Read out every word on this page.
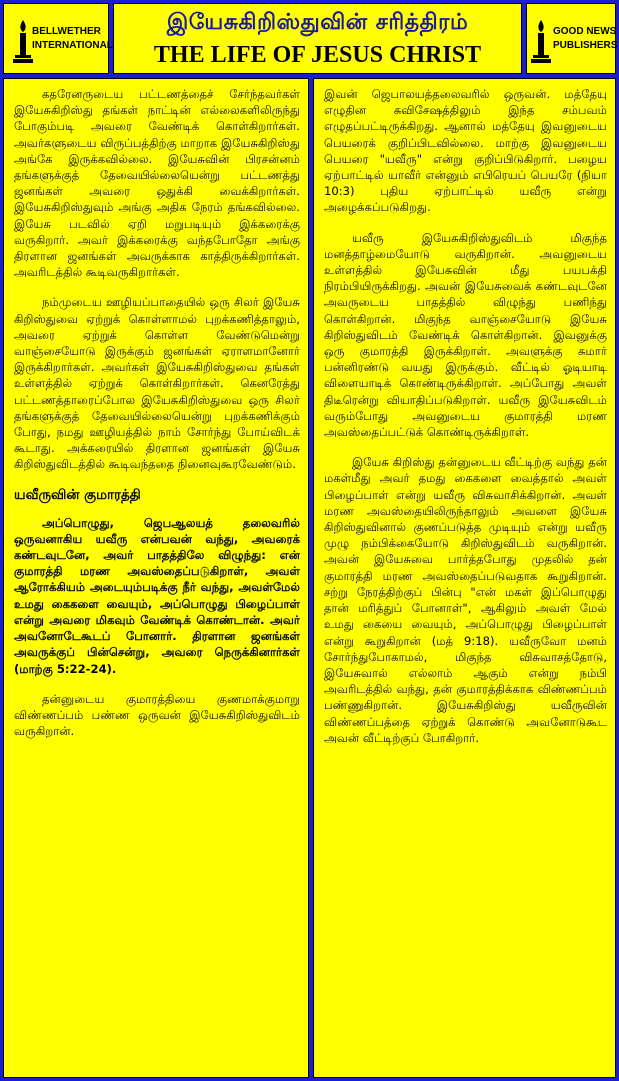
BELLWETHER
INTERNATIONAL
இயேசுகிறிஸ்துவின் சரித்திரம்
THE LIFE OF JESUS CHRIST
GOOD NEWS
PUBLISHERS

கதரேனருடைய பட்டணத்தைச் சேர்ந்தவர்கள் இயேசுகிறிஸ்து தங்கள் நாட்டின் எல்லைகளிலிருந்து போகும்படி அவரை வேண்டிக் கொள்கிறார்கள். அவர்களுடைய விருப்பத்திற்கு மாறாக இயேசுகிறிஸ்து அங்கே இருக்கவில்லை. இயேசுவின் பிரசன்னம் தங்களுக்குத் தேவையில்லையென்று பட்டணத்து ஜனங்கள் அவரை ஒதுக்கி வைக்கிறார்கள். இயேசுகிறிஸ்துவும் அங்கு அதிக நேரம் தங்கவில்லை. இயேசு படவில் ஏறி மறுபடியும் இக்கரைக்கு வருகிறார். அவர் இக்கரைக்கு வந்தபோதோ அங்கு திரளான ஜனங்கள் அவருக்காக காத்திருக்கிறார்கள். அவரிடத்தில் கூடிவருகிறார்கள்.

நம்முடைய ஊழியப்பாதையில் ஒரு சிலர் இயேசு கிறிஸ்துவை ஏற்றுக் கொள்ளாமல் புறக்கணித்தாலும், அவரை ஏற்றுக் கொள்ள வேண்டுமென்று வாஞ்சையோடு இருக்கும் ஜனங்கள் ஏராளமானோர் இருக்கிறார்கள். அவர்கள் இயேசுகிறிஸ்துவை தங்கள் உள்ளத்தில் ஏற்றுக் கொள்கிறார்கள். கெனரேத்து பட்டணத்தாரைப்போல இயேசுகிறிஸ்துவை ஒரு சிலர் தங்களுக்குத் தேவையில்லையென்று புறக்கணிக்கும் போது, நமது ஊழியத்தில் நாம் சோர்ந்து போய்விடக் கூடாது. அக்கரையில் திரளான ஜனங்கள் இயேசு கிறிஸ்துவிடத்தில் கூடிவந்ததை நினைவுகூரவேண்டும்.

யவீருவின் குமாரத்தி

அப்பொழுது, ஜெபஆலயத் தலைவரில் ஒருவனாகிய யவீரு என்பவன் வந்து, அவரைக் கண்டவுடனே, அவர் பாதத்திலே விழுந்து: என் குமாரத்தி மரண அவஸ்தைப்படுகிறாள், அவள் ஆரோக்கியம் அடையும்படிக்கு நீர் வந்து, அவள்மேல் உமது கைகளை வையும், அப்பொழுது பிழைப்பாள் என்று அவரை மிகவும் வேண்டிக் கொண்டான். அவர் அவனோடேகூடப் போனார். திரளான ஜனங்கள் அவருக்குப் பின்சென்று, அவரை நெருக்கினார்கள் (மாற்கு 5:22-24).

தன்னுடைய குமாரத்தியை குணமாக்குமாறு விண்ணப்பம் பண்ண ஒருவன் இயேசுகிறிஸ்துவிடம் வருகிறான்.

இவன் ஜெபாலயத்தலைவரில் ஒருவன். மத்தேயு எழுதின சுவிசேஷத்திலும் இந்த சம்பவம் எழுதப்பட்டிருக்கிறது. ஆனால் மத்தேயு இவனுடைய பெயரைக் குறிப்பிடவில்லை. மாற்கு இவனுடைய பெயரை "யவீரு" என்று குறிப்பிடுகிறார். பழைய ஏற்பாட்டில் யாவீர் என்னும் எபிரெயப் பெயரே (நியா 10:3) புதிய ஏற்பாட்டில் யவீரு என்று அழைக்கப்படுகிறது.

யவீரு இயேசுகிறிஸ்துவிடம் மிகுந்த மனத்தாழ்மையோடு வருகிறான். அவனுடைய உள்ளத்தில் இயேசுவின் மீது பயபக்தி நிரம்பியிருக்கிறது. அவன் இயேசுவைக் கண்டவுடனே அவருடைய பாதத்தில் விழுந்து பணிந்து கொள்கிறான். மிகுந்த வாஞ்சையோடு இயேசு கிறிஸ்துவிடம் வேண்டிக் கொள்கிறான். இவனுக்கு ஒரு குமாரத்தி இருக்கிறாள். அவளுக்கு சுமார் பன்னிரண்டு வயது இருக்கும். வீட்டில் ஓடியாடி விளையாடிக் கொண்டிருக்கிறாள். அப்போது அவள் திடீரென்று வியாதிப்படுகிறாள். யவீரு இயேசுவிடம் வரும்போது அவனுடைய குமாரத்தி மரண அவஸ்தைப்பட்டுக் கொண்டிருக்கிறாள்.

இயேசு கிறிஸ்து தன்னுடைய வீட்டிற்கு வந்து தன் மகள்மீது அவர் தமது கைகளை வைத்தால் அவள் பிழைப்பாள் என்று யவீரு விசுவாசிக்கிறான். அவள் மரண அவஸ்தையிலிருந்தாலும் அவளை இயேசு கிறிஸ்துவினால் குணப்படுத்த முடியும் என்று யவீரு முழு நம்பிக்கையோடு கிறிஸ்துவிடம் வருகிறான். அவன் இயேசுவை பார்த்தபோது முதலில் தன் குமாரத்தி மரண அவஸ்தைப்படுவதாக கூறுகிறான். சற்று நேரத்திற்குப் பின்பு "என் மகள் இப்பொழுது தான் மரித்துப் போனாள்", ஆகிலும் அவள் மேல் உமது கையை வையும், அப்பொழுது பிழைப்பாள் என்று கூறுகிறான் (மத் 9:18). யவீருவோ மனம் சோர்ந்துபோகாமல், மிகுந்த விசுவாசத்தோடு, இயேசுவால் எல்லாம் ஆகும் என்று நம்பி அவரிடத்தில் வந்து, தன் குமாரத்திக்காக விண்ணப்பம் பண்ணுகிறான். இயேசுகிறிஸ்து யவீருவின் விண்ணப்பத்தை ஏற்றுக் கொண்டு அவனோடுகூட அவன் வீட்டிற்குப் போகிறார்.
